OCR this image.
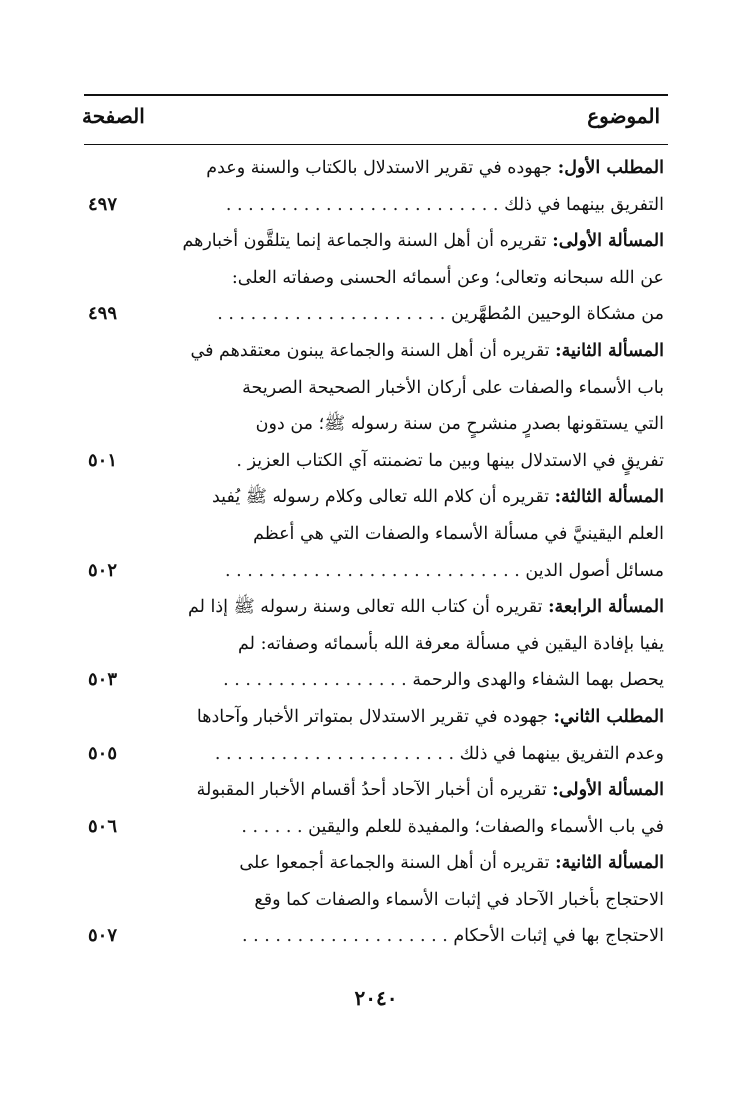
الموضوع
الصفحة
المطلب الأول: جهوده في تقرير الاستدلال بالكتاب والسنة وعدم
التفريق بينهما في ذلك . . . . . . . . . . . . . . . . . . . . . . . . .
٤٩٧
المسألة الأولى: تقريره أن أهل السنة والجماعة إنما يتلقَّون أخبارهم
عن الله سبحانه وتعالى؛ وعن أسمائه الحسنى وصفاته العلى:
من مشكاة الوحيين المُطهَّرين . . . . . . . . . . . . . . . . . . . . .
٤٩٩
المسألة الثانية: تقريره أن أهل السنة والجماعة يبنون معتقدهم في
باب الأسماء والصفات على أركان الأخبار الصحيحة الصريحة
التي يستقونها بصدرٍ منشرحٍ من سنة رسوله ﷺ؛ من دون
تفريقٍ في الاستدلال بينها وبين ما تضمنته آي الكتاب العزيز .
٥٠١
المسألة الثالثة: تقريره أن كلام الله تعالى وكلام رسوله ﷺ يُفيد
العلم اليقينيَّ في مسألة الأسماء والصفات التي هي أعظم
مسائل أصول الدين . . . . . . . . . . . . . . . . . . . . . . . . . . .
٥٠٢
المسألة الرابعة: تقريره أن كتاب الله تعالى وسنة رسوله ﷺ إذا لم
يفيا بإفادة اليقين في مسألة معرفة الله بأسمائه وصفاته: لم
يحصل بهما الشفاء والهدى والرحمة . . . . . . . . . . . . . . . . .
٥٠٣
المطلب الثاني: جهوده في تقرير الاستدلال بمتواتر الأخبار وآحادها
وعدم التفريق بينهما في ذلك . . . . . . . . . . . . . . . . . . . . . .
٥٠٥
المسألة الأولى: تقريره أن أخبار الآحاد أحدُ أقسام الأخبار المقبولة
في باب الأسماء والصفات؛ والمفيدة للعلم واليقين . . . . . .
٥٠٦
المسألة الثانية: تقريره أن أهل السنة والجماعة أجمعوا على
الاحتجاج بأخبار الآحاد في إثبات الأسماء والصفات كما وقع
الاحتجاج بها في إثبات الأحكام . . . . . . . . . . . . . . . . . . .
٥٠٧
٢٠٤٠
